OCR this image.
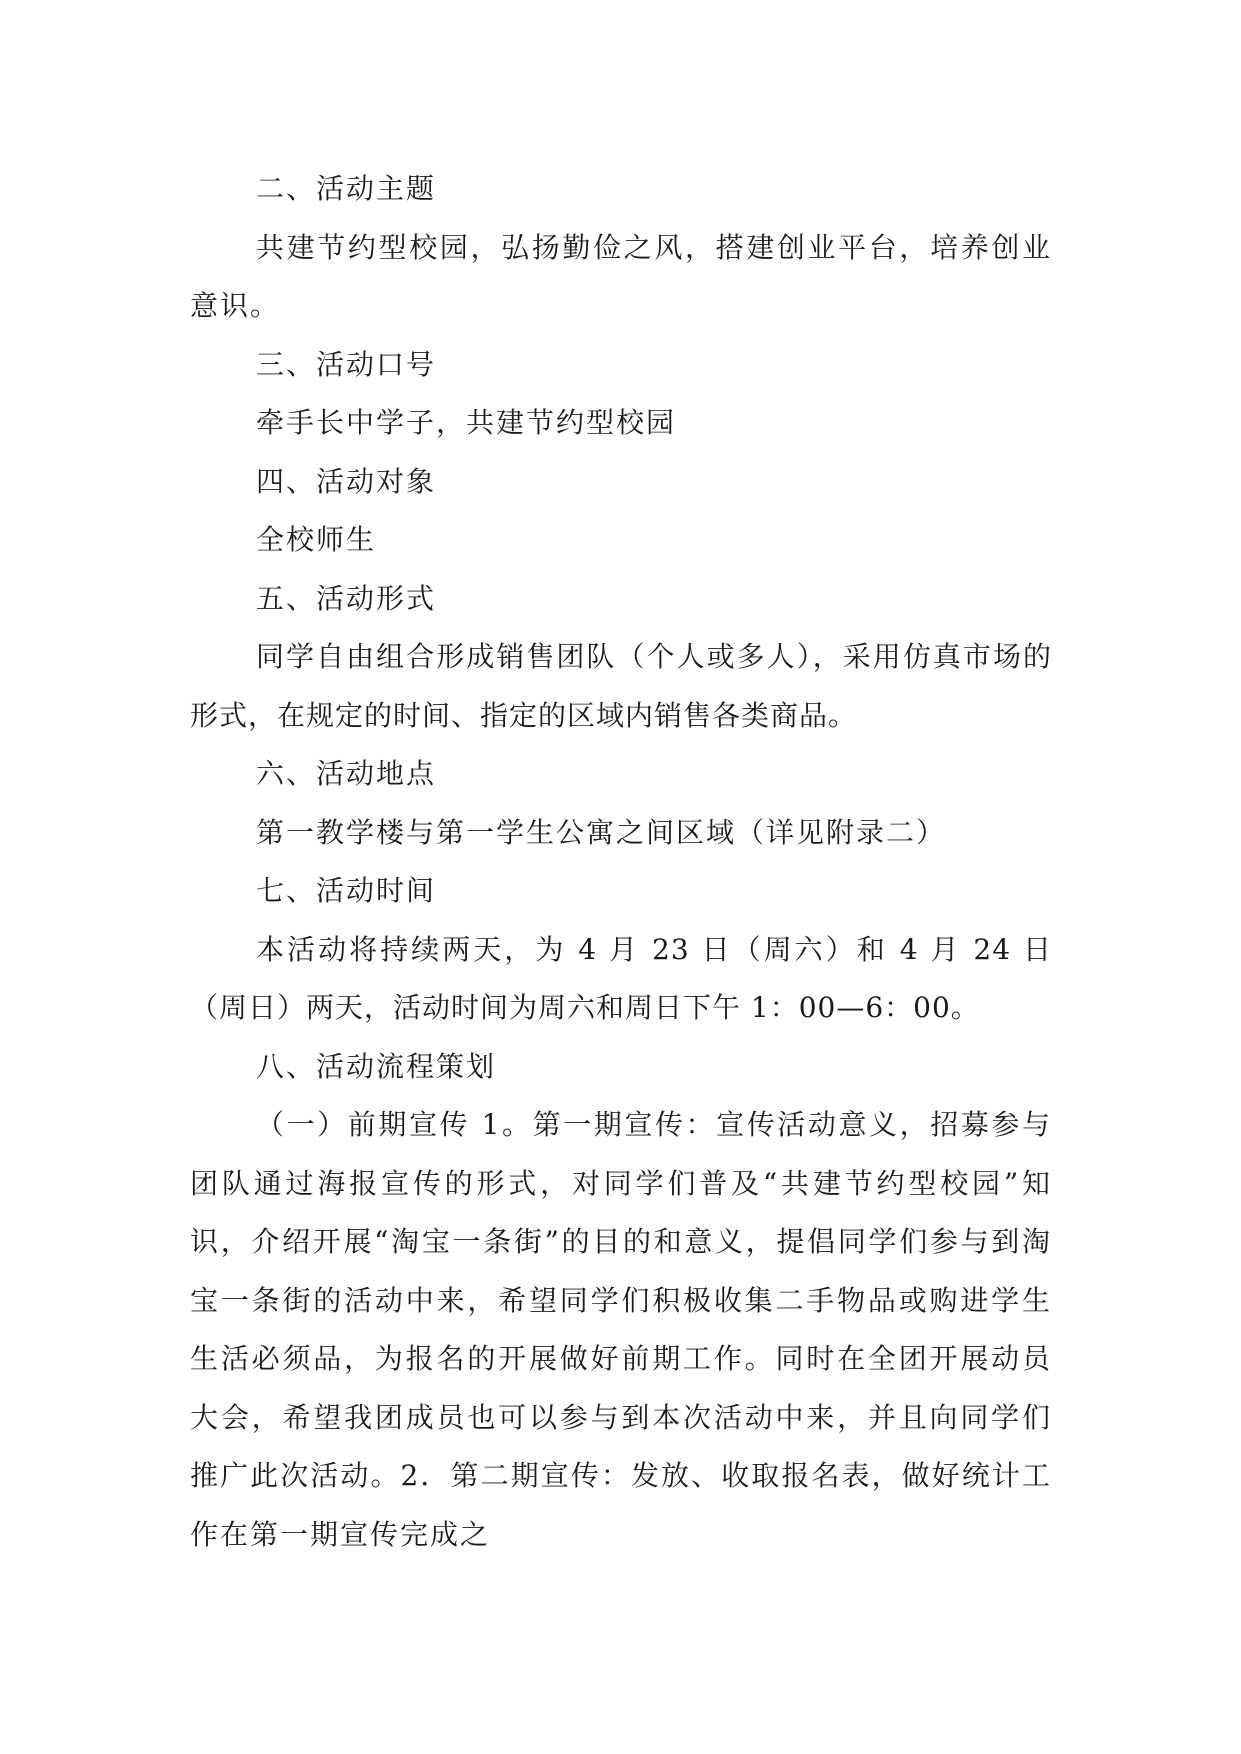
二、活动主题

共建节约型校园，弘扬勤俭之风，搭建创业平台，培养创业意识。

三、活动口号

牵手长中学子，共建节约型校园

四、活动对象

全校师生

五、活动形式

同学自由组合形成销售团队（个人或多人），采用仿真市场的形式，在规定的时间、指定的区域内销售各类商品。

六、活动地点

第一教学楼与第一学生公寓之间区域（详见附录二）

七、活动时间

本活动将持续两天，为 4 月 23 日（周六）和 4 月 24 日（周日）两天，活动时间为周六和周日下午 1：00—6：00。

八、活动流程策划

（一）前期宣传 1。第一期宣传：宣传活动意义，招募参与团队通过海报宣传的形式，对同学们普及“共建节约型校园”知识，介绍开展“淘宝一条街”的目的和意义，提倡同学们参与到淘宝一条街的活动中来，希望同学们积极收集二手物品或购进学生生活必须品，为报名的开展做好前期工作。同时在全团开展动员大会，希望我团成员也可以参与到本次活动中来，并且向同学们推广此次活动。2．第二期宣传：发放、收取报名表，做好统计工作在第一期宣传完成之
